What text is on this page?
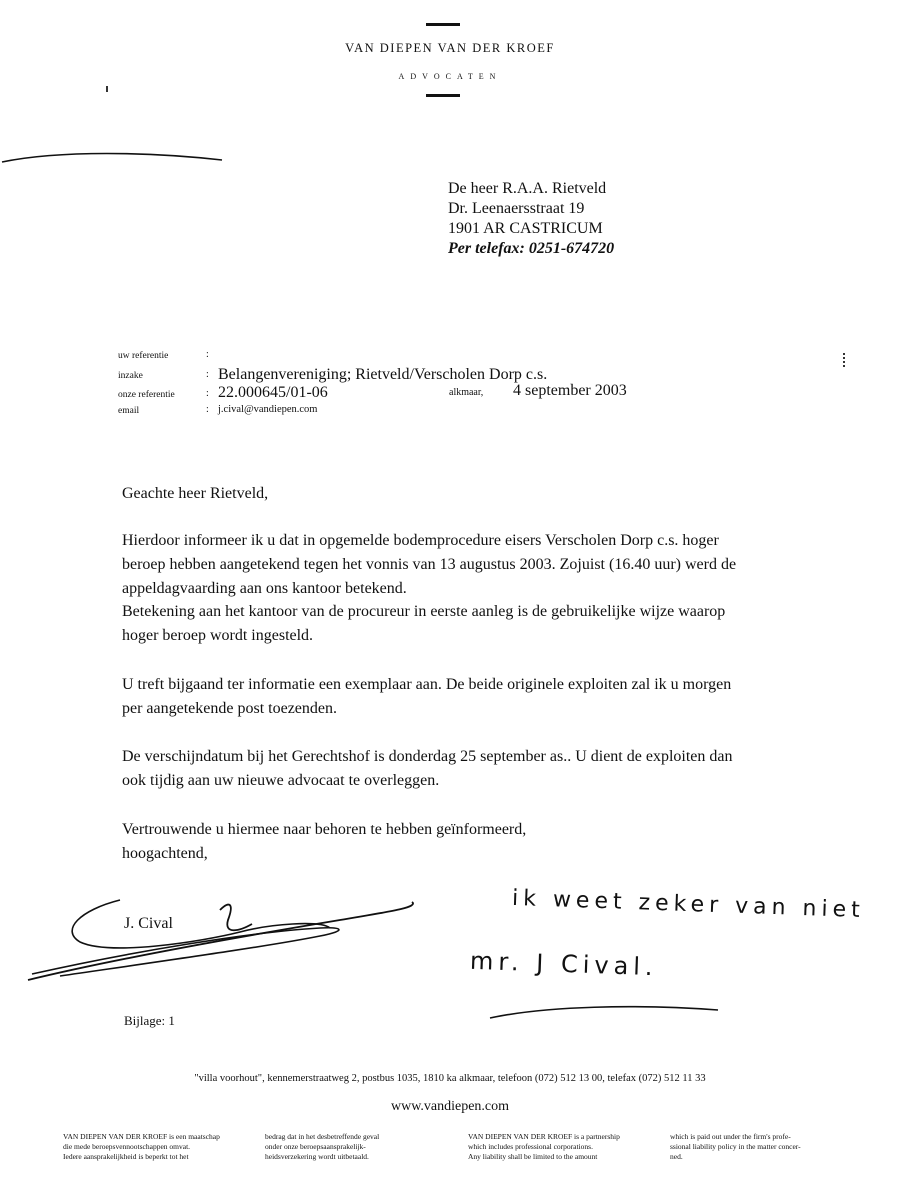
VAN DIEPEN VAN DER KROEF
ADVOCATEN
De heer R.A.A. Rietveld
Dr. Leenaersstraat 19
1901 AR CASTRICUM
Per telefax: 0251-674720
uw referentie	:
inzake	: Belangenvereniging; Rietveld/Verscholen Dorp c.s.
onze referentie	: 22.000645/01-06	alkmaar, 4 september 2003
email	: j.cival@vandiepen.com
Geachte heer Rietveld,
Hierdoor informeer ik u dat in opgemelde bodemprocedure eisers Verscholen Dorp c.s. hoger
beroep hebben aangetekend tegen het vonnis van 13 augustus 2003. Zojuist (16.40 uur) werd de
appeldagvaarding aan ons kantoor betekend.
Betekening aan het kantoor van de procureur in eerste aanleg is de gebruikelijke wijze waarop
hoger beroep wordt ingesteld.
U treft bijgaand ter informatie een exemplaar aan. De beide originele exploiten zal ik u morgen
per aangetekende post toezenden.
De verschijndatum bij het Gerechtshof is donderdag 25 september as.. U dient de exploiten dan
ook tijdig aan uw nieuwe advocaat te overleggen.
Vertrouwende u hiermee naar behoren te hebben geïnformeerd,
hoogachtend,
J. Cival
ik weet zeker van niet
mr. J Cival.
Bijlage: 1
"villa voorhout", kennemerstraatweg 2, postbus 1035, 1810 ka alkmaar, telefoon (072) 512 13 00, telefax (072) 512 11 33
www.vandiepen.com
VAN DIEPEN VAN DER KROEF is een maatschap
die mede beroepsvennootschappen omvat.
Iedere aansprakelijkheid is beperkt tot het
bedrag dat in het desbetreffende geval
onder onze beroepsaansprakelijk-
heidsverzekering wordt uitbetaald.
VAN DIEPEN VAN DER KROEF is a partnership
which includes professional corporations.
Any liability shall be limited to the amount
which is paid out under the firm's profe-
ssional liability policy in the matter concer-
ned.
